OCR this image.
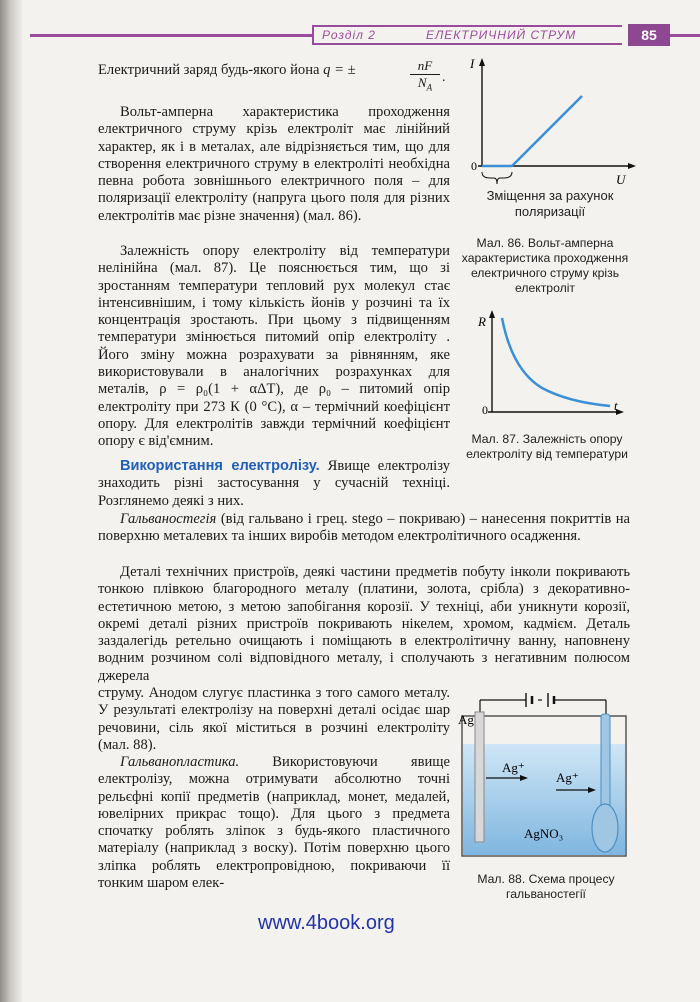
Розділ 2	ЕЛЕКТРИЧНИЙ СТРУМ	85
Електричний заряд будь-якого йона q = ±	$\frac{nF}{N_A}$ .

Вольт-амперна характеристика проходження електричного струму крізь електроліт має лінійний характер, як і в металах, але відрізняється тим, що для створення електричного струму в електроліті необхідна певна робота зовнішнього електричного поля – для поляризації електроліту (напруга цього поля для різних електролітів має різне значення) (мал. 86).

Залежність опору електроліту від температури нелінійна (мал. 87). Це пояснюється тим, що зі зростанням температури тепловий рух молекул стає інтенсивнішим, і тому кількість йонів у розчині та їх концентрація зростають. При цьому з підвищенням температури змінюється питомий опір електроліту . Його зміну можна розрахувати за рівнянням, яке використовували в аналогічних розрахунках для металів, ρ = ρ₀(1 + αΔT), де ρ₀ – питомий опір електроліту при 273 К (0 °С), α – термічний коефіцієнт опору. Для електролітів завжди термічний коефіцієнт опору є від'ємним.

Використання електролізу. Явище електролізу знаходить різні застосування у сучасній техніці. Розглянемо деякі з них.

Гальваностегія (від гальвано і грец. stego – покриваю) – нанесення покриттів на поверхню металевих та інших виробів методом електролітичного осадження.

Деталі технічних пристроїв, деякі частини предметів побуту інколи покривають тонкою плівкою благородного металу (платини, золота, срібла) з декоративно-естетичною метою, з метою запобігання корозії. У техніці, аби уникнути корозії, окремі деталі різних пристроїв покривають нікелем, хромом, кадмієм. Деталь заздалегідь ретельно очищають і поміщають в електролітичну ванну, наповнену водним розчином солі відповідного металу, і сполучають з негативним полюсом джерела

струму. Анодом слугує пластинка з того самого металу. У результаті електролізу на поверхні деталі осідає шар речовини, сіль якої міститься в розчині електроліту (мал. 88).

Гальванопластика. Використовуючи явище електролізу, можна отримувати абсолютно точні рельєфні копії предметів (наприклад, монет, медалей, ювелірних прикрас тощо). Для цього з предмета спочатку роблять зліпок з будь-якого пластичного матеріалу (наприклад з воску). Потім поверхню цього зліпка роблять електропровідною, покриваючи її тонким шаром елек-

I
U
0
Зміщення за рахунок поляризації
Мал. 86. Вольт-амперна характеристика проходження електричного струму крізь електроліт
R
t
0
Мал. 87. Залежність опору електроліту від температури
Ag
Ag⁺
Ag⁺
AgNO₃
Мал. 88. Схема процесу гальваностегії
www.4book.org
